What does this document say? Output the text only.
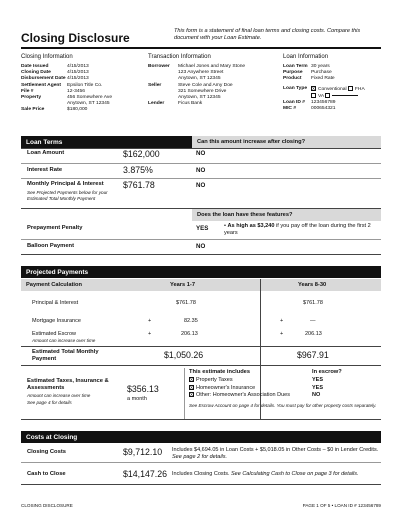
Closing Disclosure	This form is a statement of final loan terms and closing costs. Compare this document with your Loan Estimate.
Closing Information
Date Issued	4/15/2013
Closing Date	4/15/2013
Disbursement Date4/15/2013
Settlement Agent Epsilon Title Co.
File #	12-3456
Property	456 Somewhere Ave
Anytown, ST 12345
Sale Price	$180,000
Transaction Information
Borrower Michael Jones and Mary Stone
123 Anywhere Street
Anytown, ST 12345
Seller	Steve Cole and Amy Doe
321 Somewhere Drive
Anytown, ST 12345
Lender	Ficus Bank
Loan Information
Loan Term 30 years
Purpose Purchase
Product Fixed Rate
Loan Type X Conventional FHA
VA
Loan ID # 123456789
MIC #	000654321
Loan Terms	Can this amount increase after closing?
Loan Amount	$162,000	NO
Interest Rate	3.875%	NO
Monthly Principal & Interest
See Projected Payments below for your Estimated Total Monthly Payment
$761.78	NO
Does the loan have these features?
Prepayment Penalty	YES	• As high as $3,240 if you pay off the loan during the first 2 years
Balloon Payment	NO
Projected Payments
Payment Calculation	Years 1-7	Years 8-30
Principal & Interest	$761.78	$761.78
Mortgage Insurance	+	82.35	+	—
Estimated Escrow
Amount can increase over time
+	206.13	+	206.13
Estimated Total Monthly Payment	$1,050.26	$967.91
Estimated Taxes, Insurance & Assessments
Amount can increase over time
See page 4 for details
$356.13
a month
This estimate includes	In escrow?
X Property Taxes	YES
X Homeowner's Insurance	YES
X Other: Homeowner's Association Dues	NO
See Escrow Account on page 4 for details. You must pay for other property costs separately.
Costs at Closing
Closing Costs	$9,712.10 Includes $4,694.05 in Loan Costs + $5,018.05 in Other Costs – $0 in Lender Credits. See page 2 for details.
Cash to Close	$14,147.26 Includes Closing Costs. See Calculating Cash to Close on page 3 for details.
CLOSING DISCLOSURE	PAGE 1 OF 5 • LOAN ID # 123456789
